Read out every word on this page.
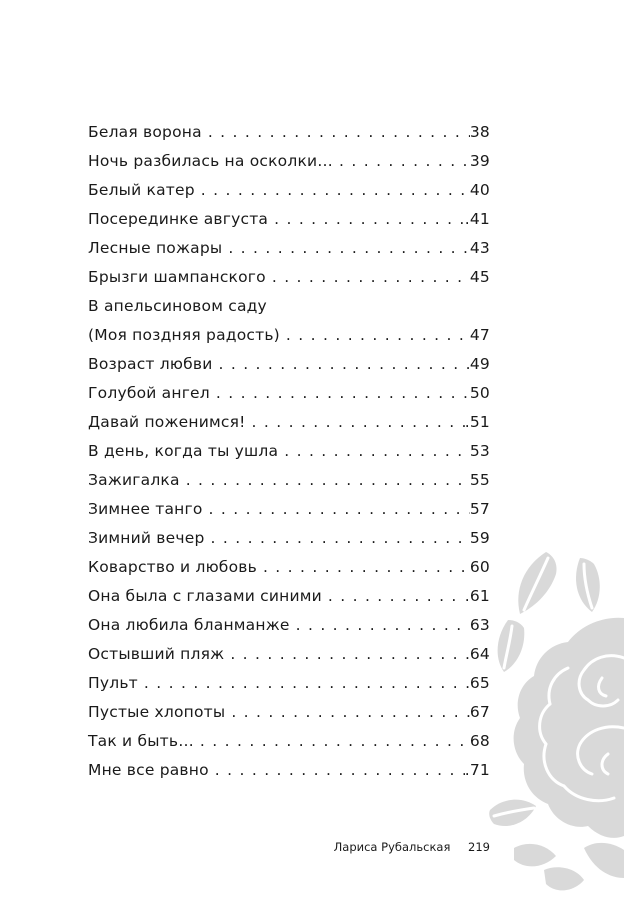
Белая ворона . . .	38
Ночь разбилась на осколки… . . .	39
Белый катер . . .	40
Посерединке августа . . .	.41
Лесные пожары . . .	43
Брызги шампанского . . .	45
В апельсиновом саду
(Моя поздняя радость) . . .	47
Возраст любви . . .	49
Голубой ангел . . .	50
Давай поженимся! . . .	.51
В день, когда ты ушла . . .	53
Зажигалка . . .	55
Зимнее танго . . .	57
Зимний вечер . . .	59
Коварство и любовь . . .	60
Она была с глазами синими . . .	.61
Она любила бланманже . . .	63
Остывший пляж . . .	64
Пульт . . .	65
Пустые хлопоты . . .	67
Так и быть… . . .	68
Мне все равно . . .	.71
Лариса Рубальская 219
